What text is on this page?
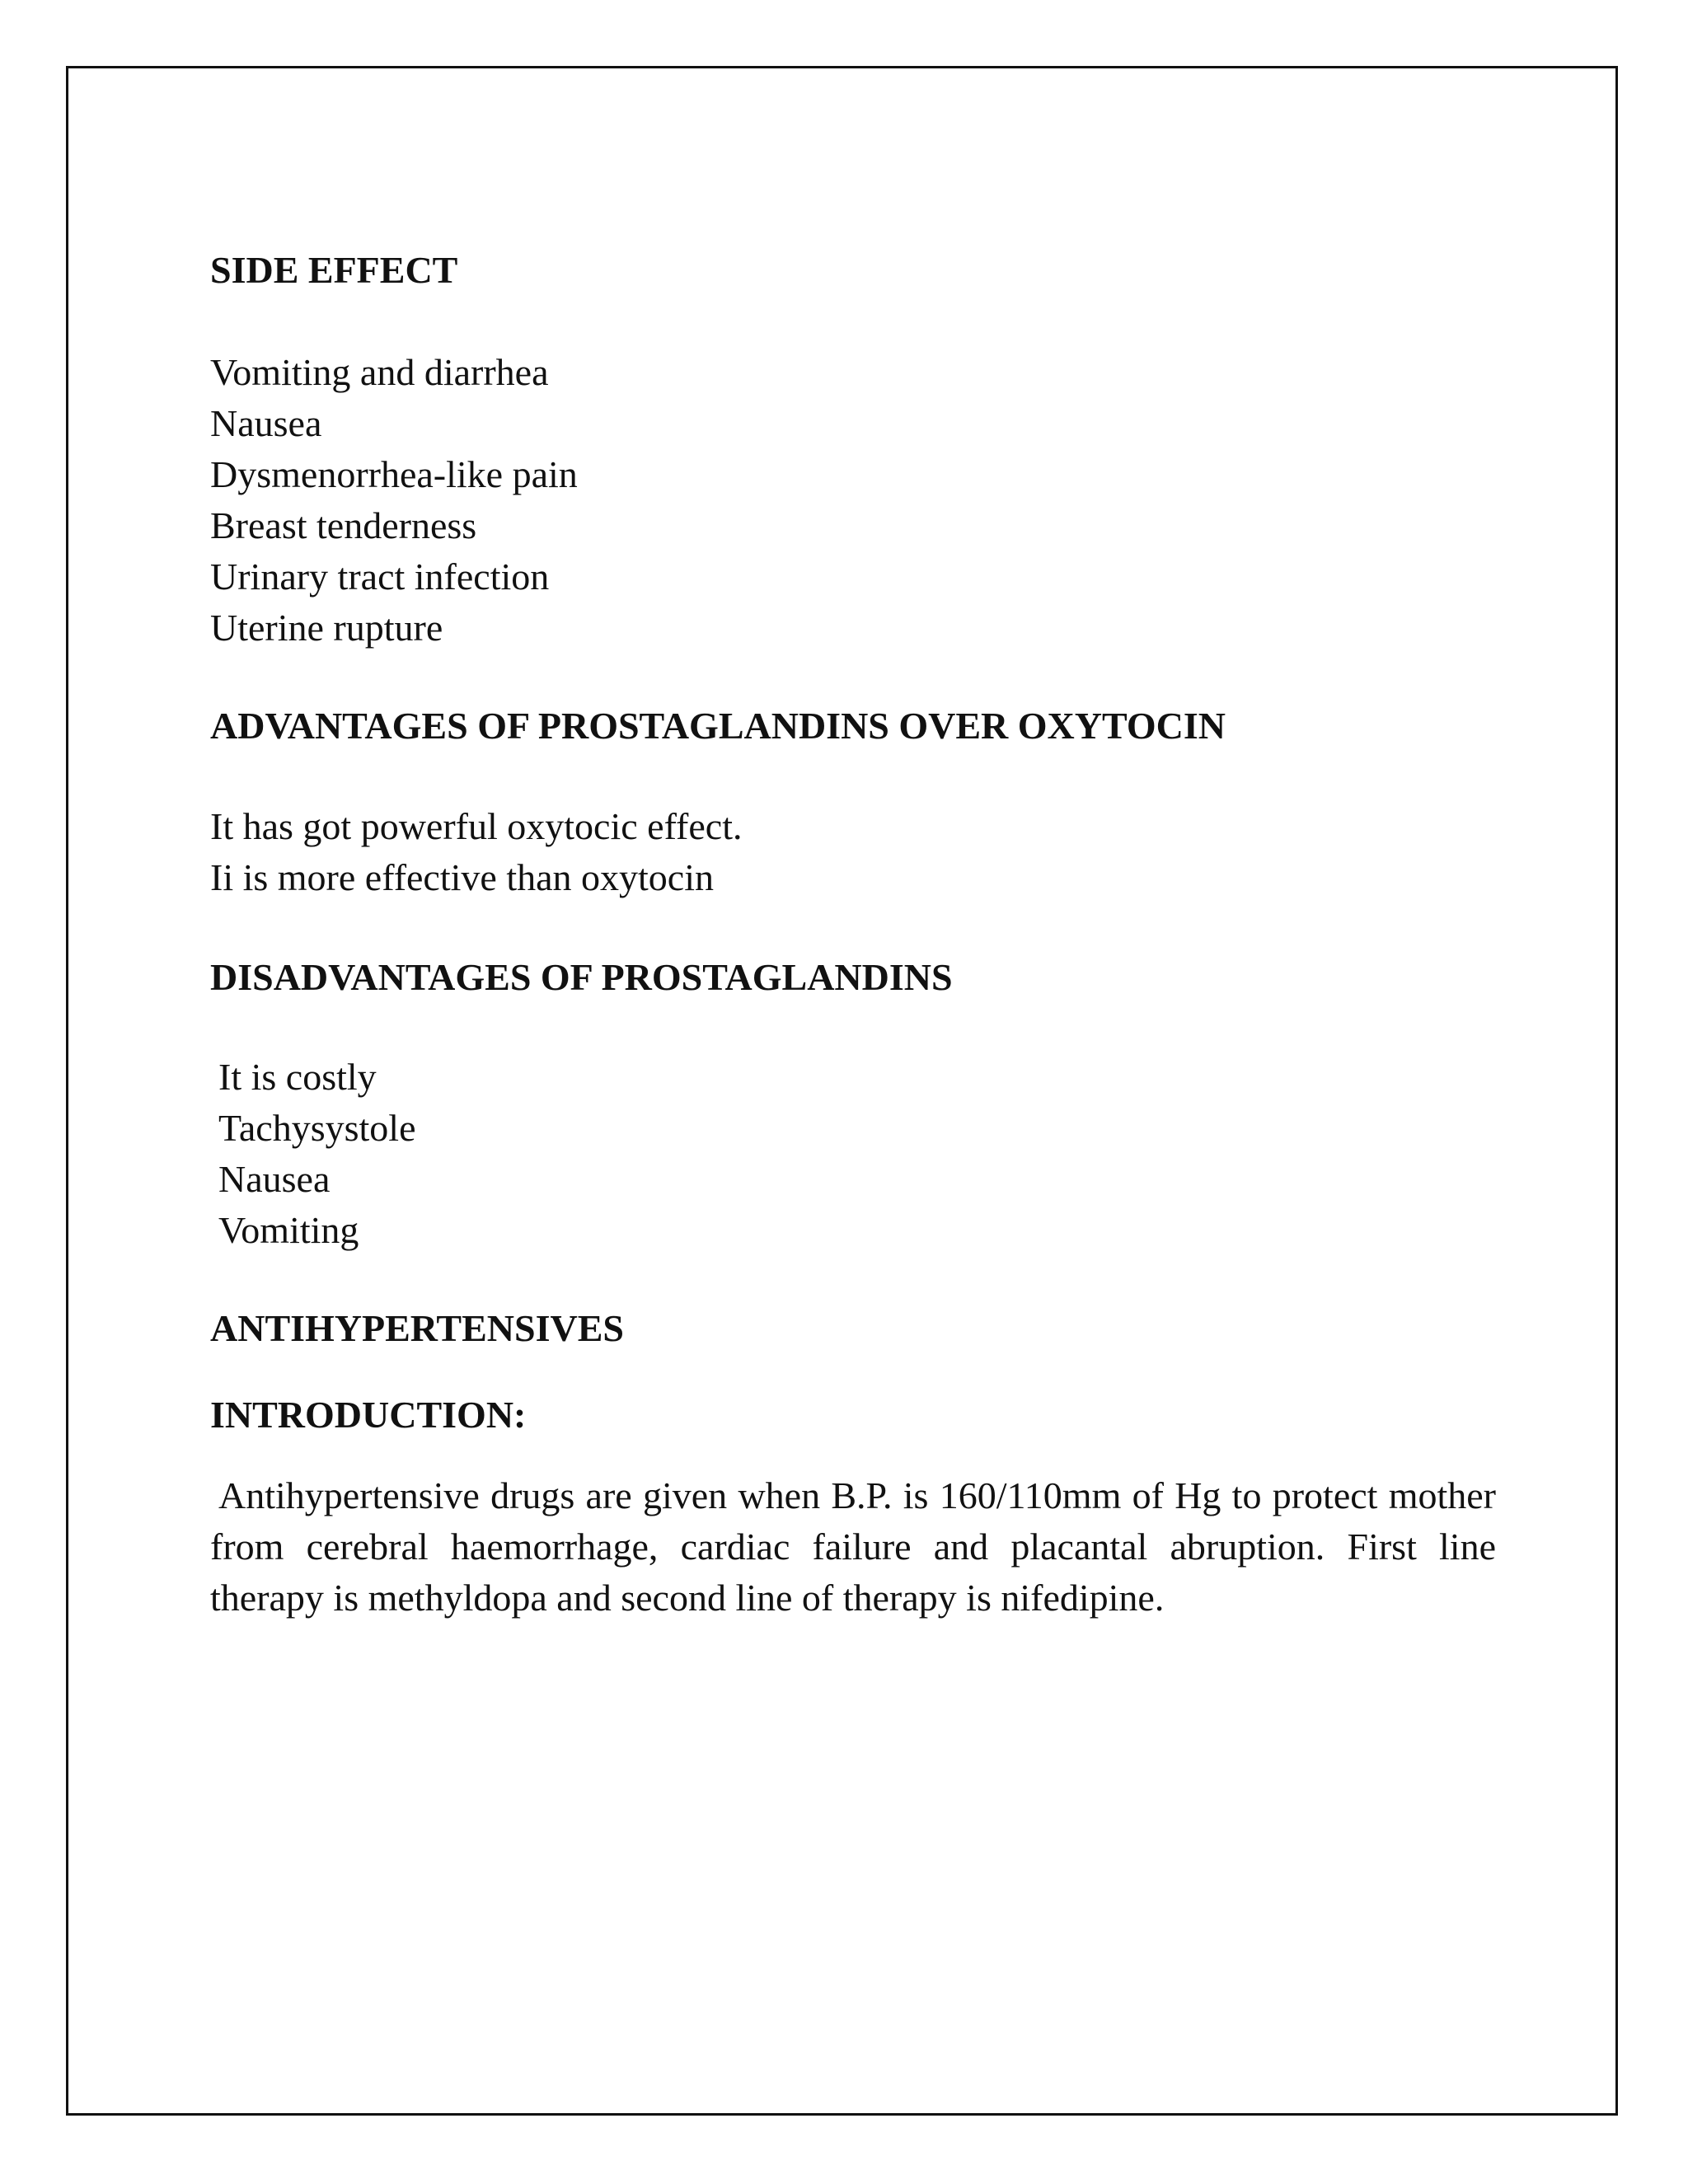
SIDE EFFECT
Vomiting and diarrhea
Nausea
Dysmenorrhea-like pain
Breast tenderness
Urinary tract infection
Uterine rupture
ADVANTAGES OF PROSTAGLANDINS OVER OXYTOCIN
It has got powerful oxytocic effect.
Ii is more effective than oxytocin
DISADVANTAGES OF PROSTAGLANDINS
It is costly
Tachysystole
Nausea
Vomiting
ANTIHYPERTENSIVES
INTRODUCTION:

Antihypertensive drugs are given when B.P. is 160/110mm of Hg to protect mother from cerebral haemorrhage, cardiac failure and placantal abruption. First line therapy is methyldopa and second line of therapy is nifedipine.
